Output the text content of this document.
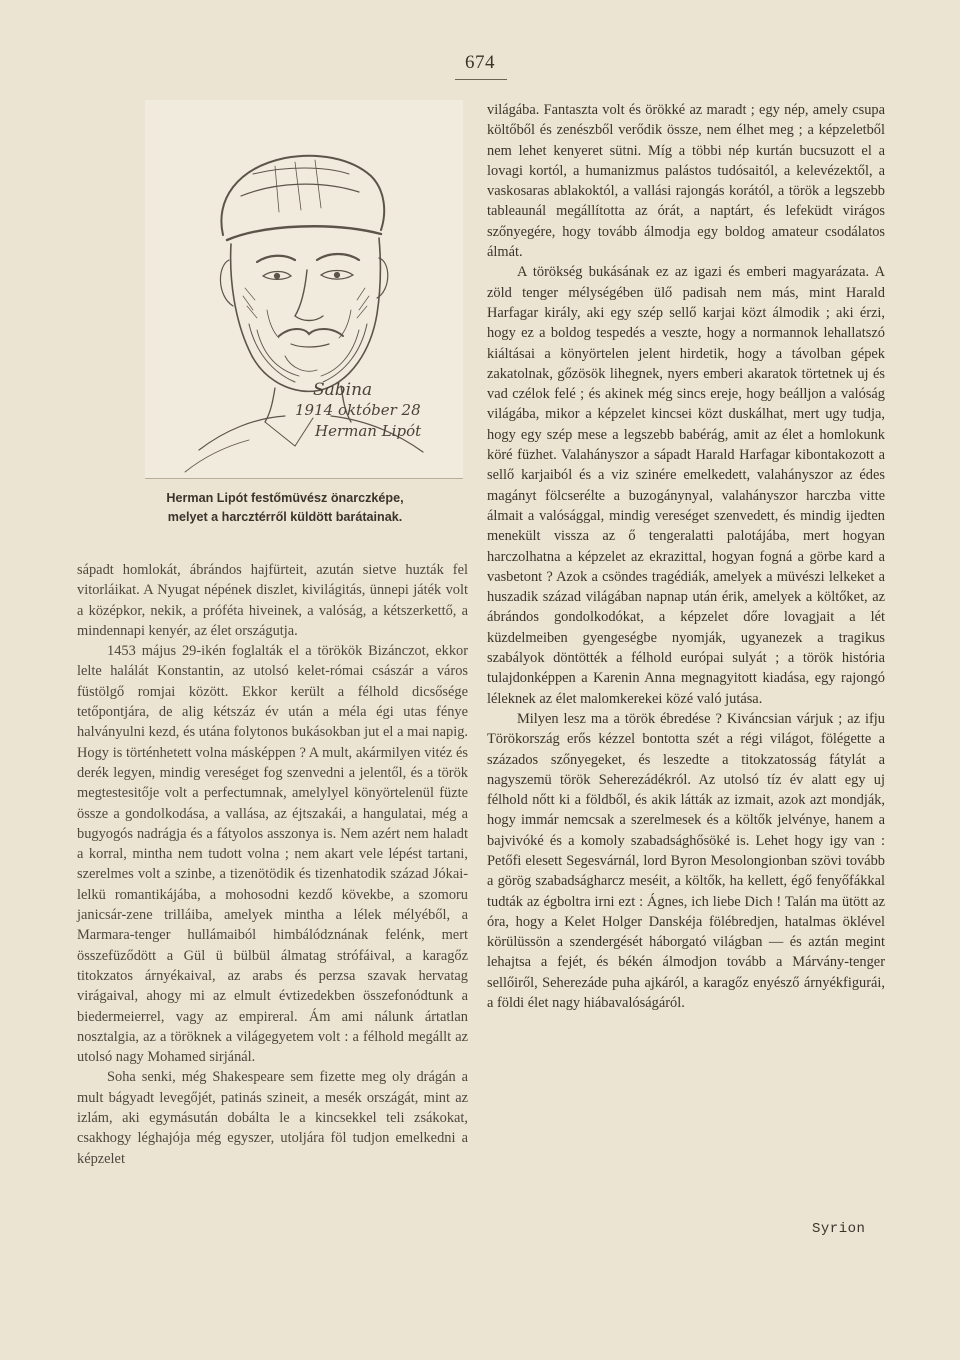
674
Sabina
1914 október 28
Herman Lipót
Herman Lipót festőmüvész önarczképe,
melyet a harcztérről küldött barátainak.

sápadt homlokát, ábrándos hajfürteit, azután sietve huzták fel vitorláikat. A Nyugat népének diszlet, kivilágitás, ünnepi játék volt a középkor, nekik, a próféta hiveinek, a valóság, a kétszerkettő, a mindennapi kenyér, az élet országutja.

1453 május 29-ikén foglalták el a törökök Bizánczot, ekkor lelte halálát Konstantin, az utolsó kelet-római császár a város füstölgő romjai között. Ekkor került a félhold dicsősége tetőpontjára, de alig kétszáz év után a méla égi utas fénye halványulni kezd, és utána folytonos bukásokban jut el a mai napig. Hogy is történhetett volna másképpen ? A mult, akármilyen vitéz és derék legyen, mindig vereséget fog szenvedni a jelentől, és a török megtestesitője volt a perfectumnak, amelylyel könyörtelenül füzte össze a gondolkodása, a vallása, az éjtszakái, a hangulatai, még a bugyogós nadrágja és a fátyolos asszonya is. Nem azért nem haladt a korral, mintha nem tudott volna ; nem akart vele lépést tartani, szerelmes volt a szinbe, a tizenötödik és tizenhatodik század Jókai-lelkü romantikájába, a mohosodni kezdő kövekbe, a szomoru janicsár-zene trilláiba, amelyek mintha a lélek mélyéből, a Marmara-tenger hullámaiból himbálódznának felénk, mert összefüződött a Gül ü bülbül álmatag strófáival, a karagőz titokzatos árnyékaival, az arabs és perzsa szavak hervatag virágaival, ahogy mi az elmult évtizedekben összefonódtunk a biedermeierrel, vagy az empireral. Ám ami nálunk ártatlan nosztalgia, az a töröknek a világegyetem volt : a félhold megállt az utolsó nagy Mohamed sirjánál.

Soha senki, még Shakespeare sem fizette meg oly drágán a mult bágyadt levegőjét, patinás szineit, a mesék országát, mint az izlám, aki egymásután dobálta le a kincsekkel teli zsákokat, csakhogy léghajója még egyszer, utoljára föl tudjon emelkedni a képzelet

világába. Fantaszta volt és örökké az maradt ; egy nép, amely csupa költőből és zenészből verődik össze, nem élhet meg ; a képzeletből nem lehet kenyeret sütni. Míg a többi nép kurtán bucsuzott el a lovagi kortól, a humanizmus palástos tudósaitól, a kelevézektől, a vaskosaras ablakoktól, a vallási rajongás korától, a török a legszebb tableaunál megállította az órát, a naptárt, és lefeküdt virágos szőnyegére, hogy tovább álmodja egy boldog amateur csodálatos álmát.

A törökség bukásának ez az igazi és emberi magyarázata. A zöld tenger mélységében ülő padisah nem más, mint Harald Harfagar király, aki egy szép sellő karjai közt álmodik ; aki érzi, hogy ez a boldog tespedés a veszte, hogy a normannok lehallatszó kiáltásai a könyörtelen jelent hirdetik, hogy a távolban gépek zakatolnak, gőzösök lihegnek, nyers emberi akaratok törtetnek uj és vad czélok felé ; és akinek még sincs ereje, hogy beálljon a valóság világába, mikor a képzelet kincsei közt duskálhat, mert ugy tudja, hogy egy szép mese a legszebb babérág, amit az élet a homlokunk köré füzhet. Valahányszor a sápadt Harald Harfagar kibontakozott a sellő karjaiból és a viz szinére emelkedett, valahányszor az édes magányt fölcserélte a buzogánynyal, valahányszor harczba vitte álmait a valósággal, mindig vereséget szenvedett, és mindig ijedten menekült vissza az ő tengeralatti palotájába, mert hogyan harczolhatna a képzelet az ekrazittal, hogyan fogná a görbe kard a vasbetont ? Azok a csöndes tragédiák, amelyek a müvészi lelkeket a huszadik század világában napnap után érik, amelyek a költőket, az ábrándos gondolkodókat, a képzelet dőre lovagjait a lét küzdelmeiben gyengeségbe nyomják, ugyanezek a tragikus szabályok döntötték a félhold európai sulyát ; a török história tulajdonképpen a Karenin Anna megnagyitott kiadása, egy rajongó léleknek az élet malomkerekei közé való jutása.

Milyen lesz ma a török ébredése ? Kiváncsian várjuk ; az ifju Törökország erős kézzel bontotta szét a régi világot, fölégette a százados szőnyegeket, és leszedte a titokzatosság fátylát a nagyszemü török Seherezádékról. Az utolsó tíz év alatt egy uj félhold nőtt ki a földből, és akik látták az izmait, azok azt mondják, hogy immár nemcsak a szerelmesek és a költők jelvénye, hanem a bajvivóké és a komoly szabadsághősöké is. Lehet hogy igy van : Petőfi elesett Segesvárnál, lord Byron Mesolongionban szövi tovább a görög szabadságharcz meséit, a költők, ha kellett, égő fenyőfákkal tudták az égboltra irni ezt : Ágnes, ich liebe Dich ! Talán ma ütött az óra, hogy a Kelet Holger Danskéja fölébredjen, hatalmas öklével körülüssön a szendergését háborgató világban — és aztán megint lehajtsa a fejét, és békén álmodjon tovább a Márvány-tenger sellőiről, Seherezáde puha ajkáról, a karagőz enyésző árnyékfigurái, a földi élet nagy hiábavalóságáról.

Syrion
